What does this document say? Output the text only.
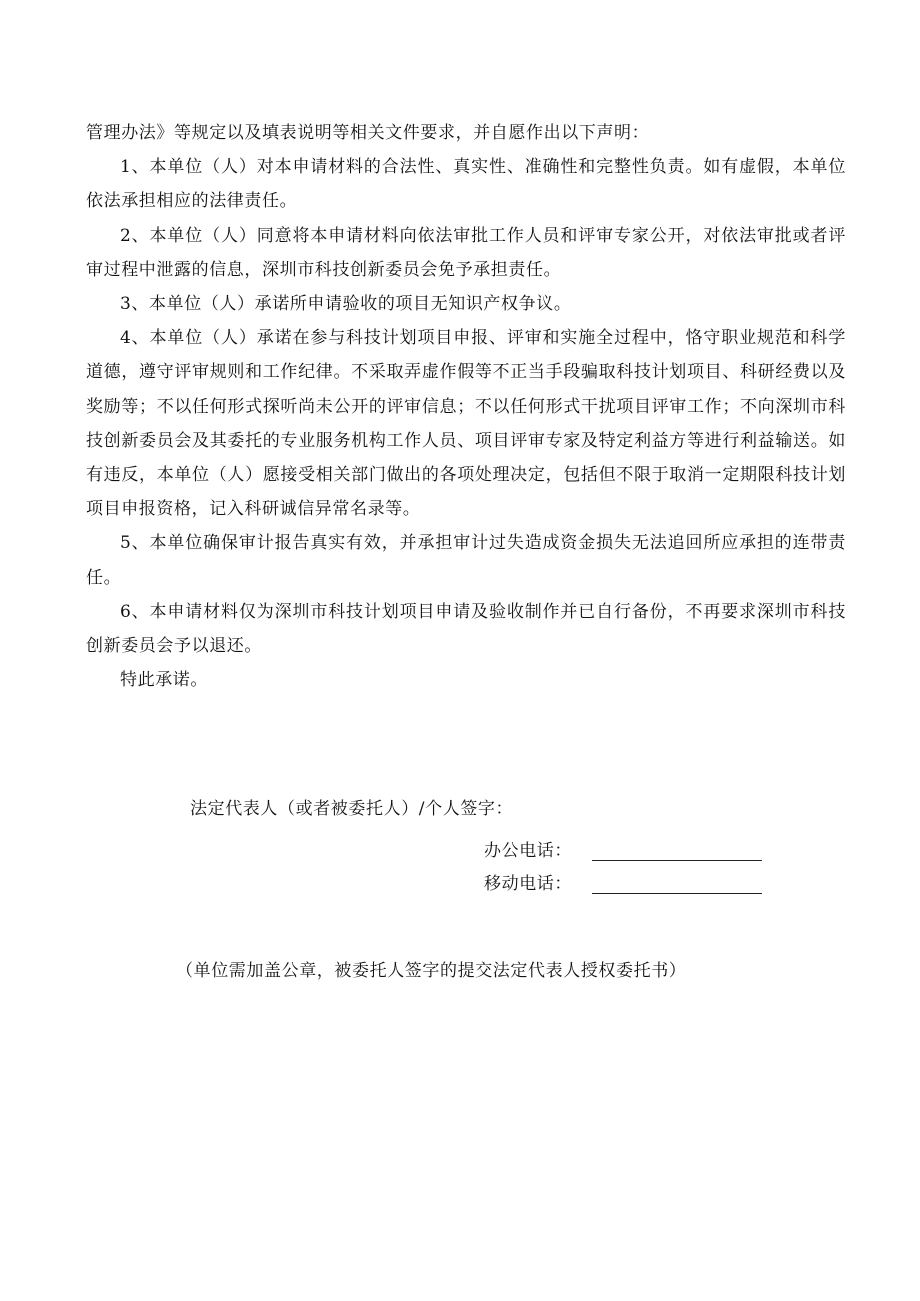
管理办法》等规定以及填表说明等相关文件要求，并自愿作出以下声明：

1、本单位（人）对本申请材料的合法性、真实性、准确性和完整性负责。如有虚假，本单位依法承担相应的法律责任。

2、本单位（人）同意将本申请材料向依法审批工作人员和评审专家公开，对依法审批或者评审过程中泄露的信息，深圳市科技创新委员会免予承担责任。

3、本单位（人）承诺所申请验收的项目无知识产权争议。

4、本单位（人）承诺在参与科技计划项目申报、评审和实施全过程中，恪守职业规范和科学道德，遵守评审规则和工作纪律。不采取弄虚作假等不正当手段骗取科技计划项目、科研经费以及奖励等；不以任何形式探听尚未公开的评审信息；不以任何形式干扰项目评审工作；不向深圳市科技创新委员会及其委托的专业服务机构工作人员、项目评审专家及特定利益方等进行利益输送。如有违反，本单位（人）愿接受相关部门做出的各项处理决定，包括但不限于取消一定期限科技计划项目申报资格，记入科研诚信异常名录等。

5、本单位确保审计报告真实有效，并承担审计过失造成资金损失无法追回所应承担的连带责任。

6、本申请材料仅为深圳市科技计划项目申请及验收制作并已自行备份，不再要求深圳市科技创新委员会予以退还。

特此承诺。

法定代表人（或者被委托人）/个人签字：
办公电话：
移动电话：
（单位需加盖公章，被委托人签字的提交法定代表人授权委托书）
